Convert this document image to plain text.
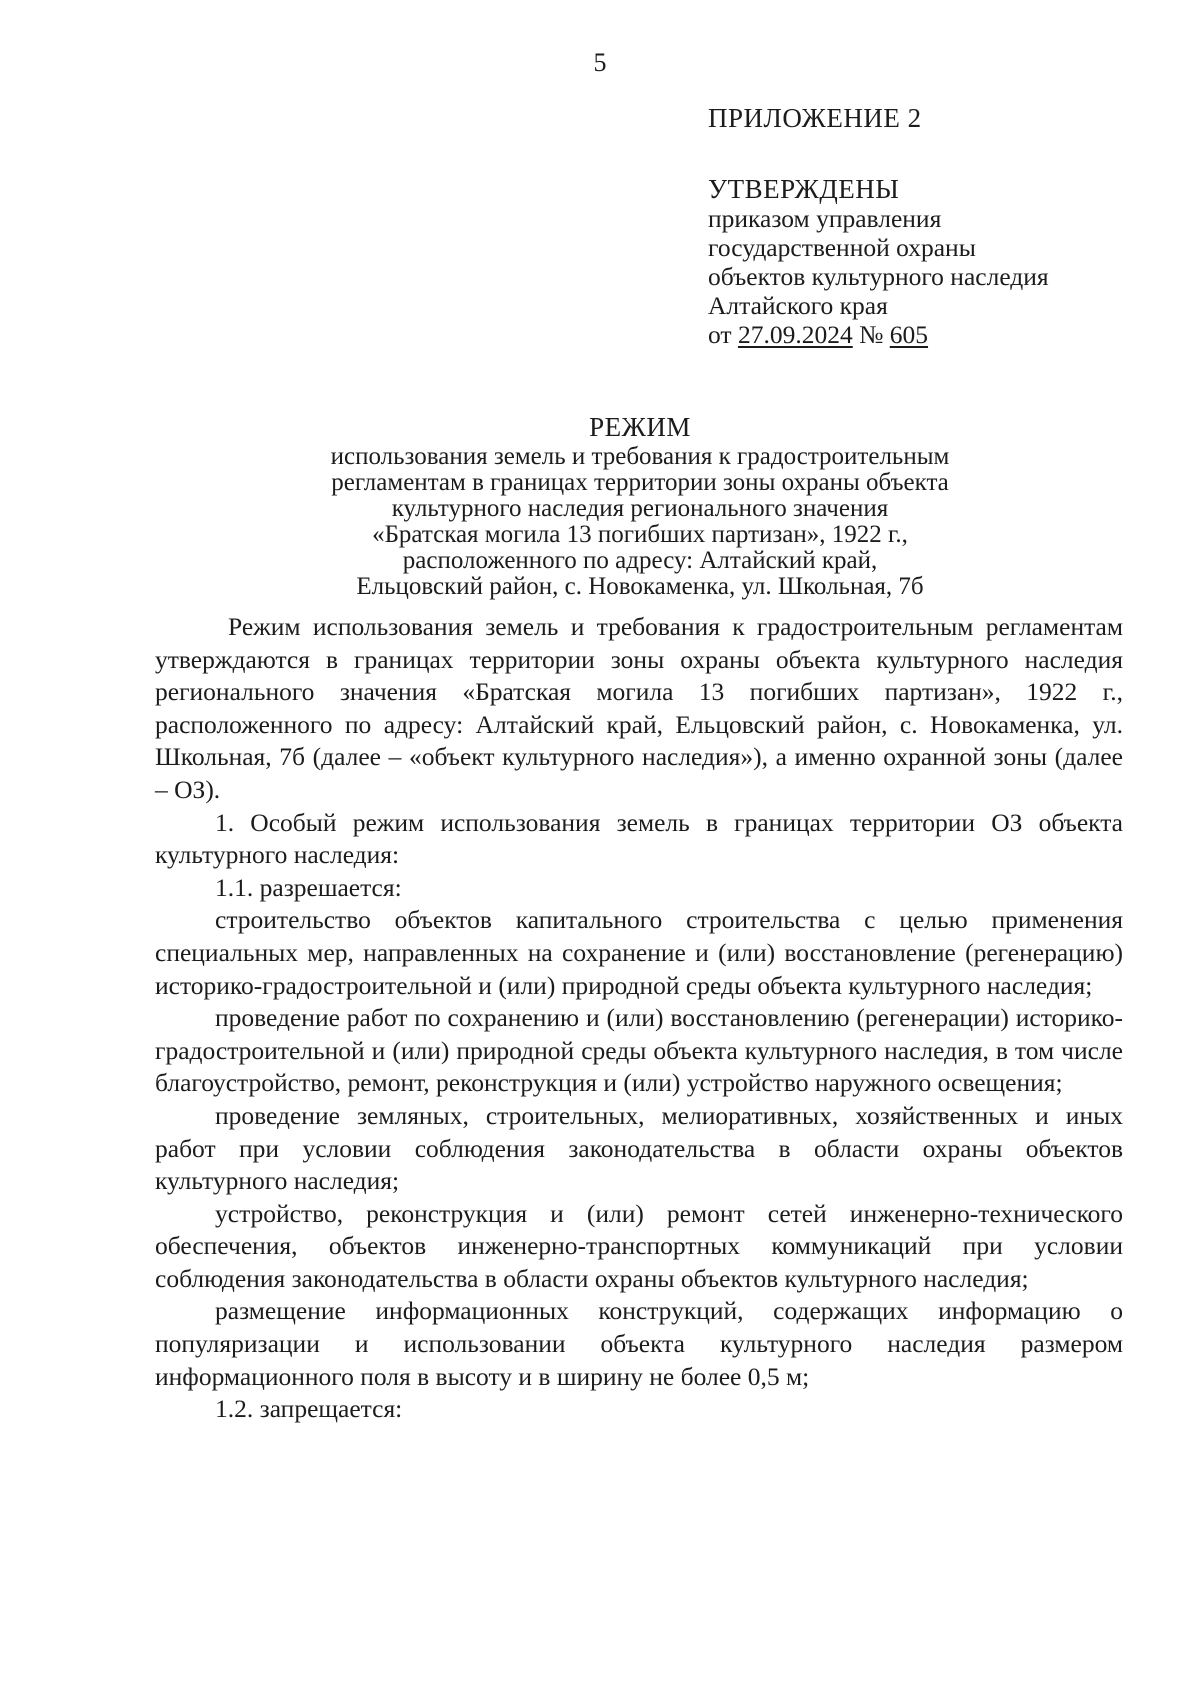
5
ПРИЛОЖЕНИЕ 2
УТВЕРЖДЕНЫ
приказом управления
государственной охраны
объектов культурного наследия
Алтайского края
от 27.09.2024 № 605
РЕЖИМ
использования земель и требования к градостроительным
регламентам в границах территории зоны охраны объекта
культурного наследия регионального значения
«Братская могила 13 погибших партизан», 1922 г.,
расположенного по адресу: Алтайский край,
Ельцовский район, с. Новокаменка, ул. Школьная, 7б

Режим использования земель и требования к градостроительным регламентам утверждаются в границах территории зоны охраны объекта культурного наследия регионального значения «Братская могила 13 погибших партизан», 1922 г., расположенного по адресу: Алтайский край, Ельцовский район, с. Новокаменка, ул. Школьная, 7б (далее – «объект культурного наследия»), а именно охранной зоны (далее – ОЗ).

1. Особый режим использования земель в границах территории ОЗ объекта культурного наследия:

1.1. разрешается:

строительство объектов капитального строительства с целью применения специальных мер, направленных на сохранение и (или) восстановление (регенерацию) историко-градостроительной и (или) природной среды объекта культурного наследия;

проведение работ по сохранению и (или) восстановлению (регенерации) историко-градостроительной и (или) природной среды объекта культурного наследия, в том числе благоустройство, ремонт, реконструкция и (или) устройство наружного освещения;

проведение земляных, строительных, мелиоративных, хозяйственных и иных работ при условии соблюдения законодательства в области охраны объектов культурного наследия;

устройство, реконструкция и (или) ремонт сетей инженерно-технического обеспечения, объектов инженерно-транспортных коммуникаций при условии соблюдения законодательства в области охраны объектов культурного наследия;

размещение информационных конструкций, содержащих информацию о популяризации и использовании объекта культурного наследия размером информационного поля в высоту и в ширину не более 0,5 м;

1.2. запрещается:
